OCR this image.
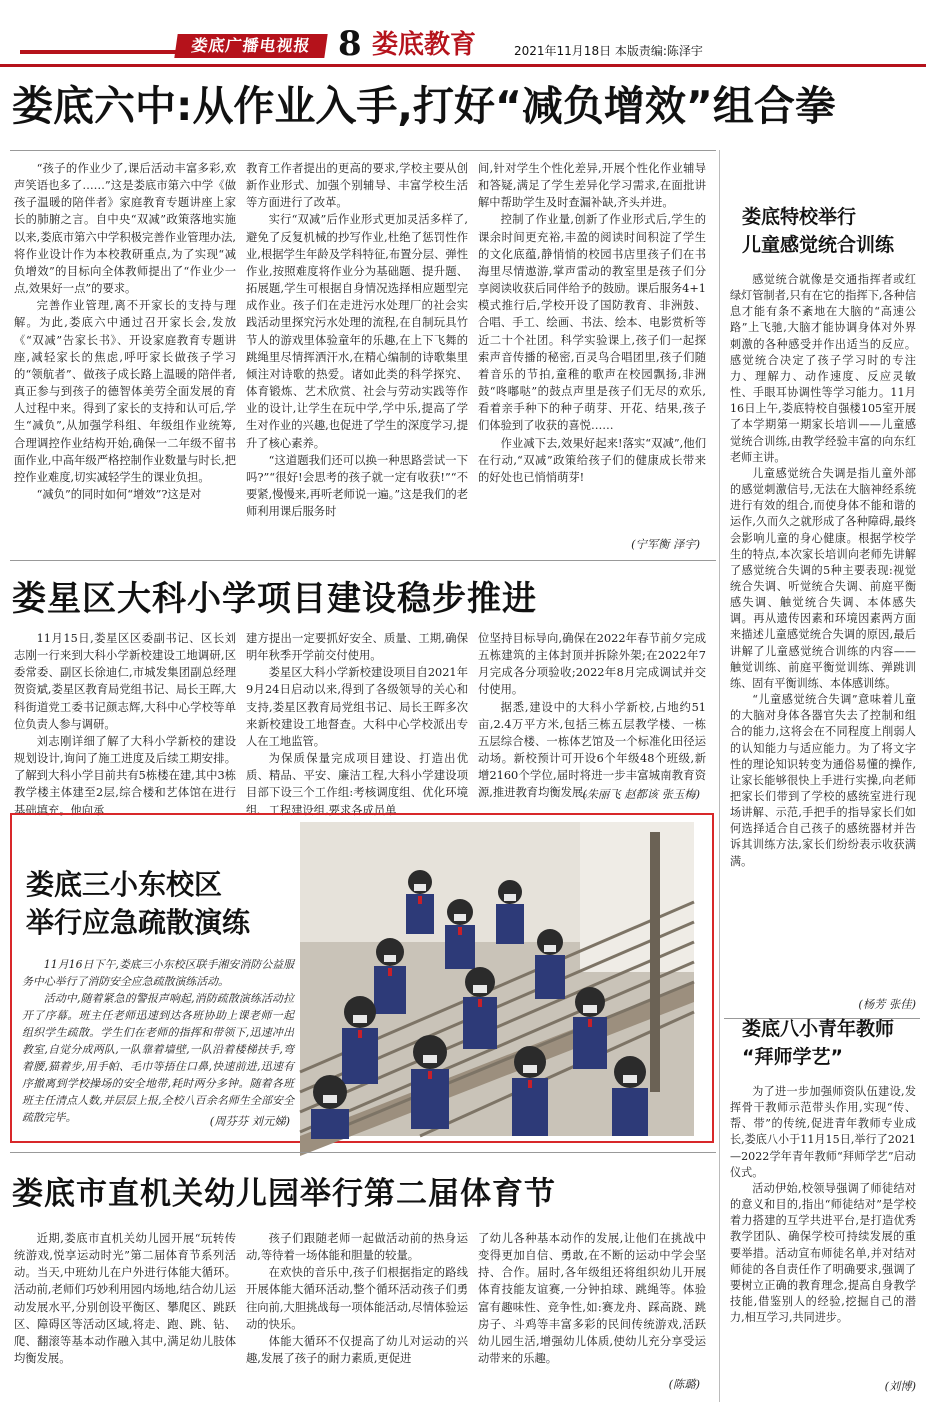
娄底广播电视报 8 娄底教育	2021年11月18日 本版责编:陈泽宇
娄底六中:从作业入手,打好“减负增效”组合拳

“孩子的作业少了,课后活动丰富多彩,欢声笑语也多了……”这是娄底市第六中学《做孩子温暖的陪伴者》家庭教育专题讲座上家长的肺腑之言。自中央“双减”政策落地实施以来,娄底市第六中学积极完善作业管理办法,将作业设计作为本校教研重点,为了实现“减负增效”的目标向全体教师提出了“作业少一点,效果好一点”的要求。

完善作业管理,离不开家长的支持与理解。为此,娄底六中通过召开家长会,发放《“双减”告家长书》、开设家庭教育专题讲座,减轻家长的焦虑,呼吁家长做孩子学习的“领航者”、做孩子成长路上温暖的陪伴者,真正参与到孩子的德智体美劳全面发展的育人过程中来。得到了家长的支持和认可后,学生“减负”,从加强学科组、年级组作业统筹,合理调控作业结构开始,确保一二年级不留书面作业,中高年级严格控制作业数量与时长,把控作业难度,切实减轻学生的课业负担。

“减负”的同时如何“增效”?这是对

教育工作者提出的更高的要求,学校主要从创新作业形式、加强个别辅导、丰富学校生活等方面进行了改革。

实行“双减”后作业形式更加灵活多样了,避免了反复机械的抄写作业,杜绝了惩罚性作业,根据学生年龄及学科特征,布置分层、弹性作业,按照难度将作业分为基础题、提升题、拓展题,学生可根据自身情况选择相应题型完成作业。孩子们在走进污水处理厂的社会实践活动里探究污水处理的流程,在自制玩具竹节人的游戏里体验童年的乐趣,在上下飞舞的跳绳里尽情挥洒汗水,在精心编制的诗歌集里倾注对诗歌的热爱。诸如此类的科学探究、体育锻炼、艺术欣赏、社会与劳动实践等作业的设计,让学生在玩中学,学中乐,提高了学生对作业的兴趣,也促进了学生的深度学习,提升了核心素养。

“这道题我们还可以换一种思路尝试一下吗?”“很好!会思考的孩子就一定有收获!”“不要紧,慢慢来,再听老师说一遍。”这是我们的老师利用课后服务时

间,针对学生个性化差异,开展个性化作业辅导和答疑,满足了学生差异化学习需求,在面批讲解中帮助学生及时查漏补缺,齐头并进。

控制了作业量,创新了作业形式后,学生的课余时间更充裕,丰盈的阅读时间积淀了学生的文化底蕴,静悄悄的校园书店里孩子们在书海里尽情遨游,掌声雷动的教室里是孩子们分享阅读收获后同伴给予的鼓励。课后服务4+1模式推行后,学校开设了国防教育、非洲鼓、合唱、手工、绘画、书法、绘本、电影赏析等近二十个社团。科学实验课上,孩子们一起探索声音传播的秘密,百灵鸟合唱团里,孩子们随着音乐的节拍,童稚的歌声在校园飘扬,非洲鼓“咚嘟哒”的鼓点声里是孩子们无尽的欢乐,看着亲手种下的种子萌芽、开花、结果,孩子们体验到了收获的喜悦……

作业减下去,效果好起来!落实“双减”,他们在行动,“双减”政策给孩子们的健康成长带来的好处也已悄悄萌芽!

(宁军衡 泽宇)
娄星区大科小学项目建设稳步推进

11月15日,娄星区区委副书记、区长刘志刚一行来到大科小学新校建设工地调研,区委常委、副区长徐迪仁,市城发集团副总经理贺资斌,娄星区教育局党组书记、局长王晖,大科街道党工委书记颜志辉,大科中心学校等单位负责人参与调研。

刘志刚详细了解了大科小学新校的建设规划设计,询问了施工进度及后续工期安排。了解到大科小学目前共有5栋楼在建,其中3栋教学楼主体建至2层,综合楼和艺体馆在进行基础填充。他向承

建方提出一定要抓好安全、质量、工期,确保明年秋季开学前交付使用。

娄星区大科小学新校建设项目自2021年9月24日启动以来,得到了各级领导的关心和支持,娄星区教育局党组书记、局长王晖多次来新校建设工地督查。大科中心学校派出专人在工地监管。

为保质保量完成项目建设、打造出优质、精品、平安、廉洁工程,大科小学建设项目部下设三个工作组:考核调度组、优化环境组、工程建设组,要求各成员单

位坚持目标导向,确保在2022年春节前夕完成五栋建筑的主体封顶并拆除外架;在2022年7月完成各分项验收;2022年8月完成调试并交付使用。

据悉,建设中的大科小学新校,占地约51亩,2.4万平方米,包括三栋五层教学楼、一栋五层综合楼、一栋体艺馆及一个标准化田径运动场。新校预计可开设6个年级48个班级,新增2160个学位,届时将进一步丰富城南教育资源,推进教育均衡发展。

(朱丽飞 赵都该 张玉梅)
娄底三小东校区
举行应急疏散演练

11月16日下午,娄底三小东校区联手湘安消防公益服务中心举行了消防安全应急疏散演练活动。

活动中,随着紧急的警报声响起,消防疏散演练活动拉开了序幕。班主任老师迅速到达各班协助上课老师一起组织学生疏散。学生们在老师的指挥和带领下,迅速冲出教室,自觉分成两队,一队靠着墙壁,一队沿着楼梯扶手,弯着腰,猫着步,用手帕、毛巾等捂住口鼻,快速前进,迅速有序撤离到学校操场的安全地带,耗时两分多钟。随着各班班主任清点人数,并层层上报,全校八百余名师生全部安全疏散完毕。	(周芬芬 刘元娣)
娄底市直机关幼儿园举行第二届体育节

近期,娄底市直机关幼儿园开展“玩转传统游戏,悦享运动时光”第二届体育节系列活动。当天,中班幼儿在户外进行体能大循环。活动前,老师们巧妙利用园内场地,结合幼儿运动发展水平,分别创设平衡区、攀爬区、跳跃区、障碍区等活动区域,将走、跑、跳、钻、爬、翻滚等基本动作融入其中,满足幼儿肢体均衡发展。

孩子们跟随老师一起做活动前的热身运动,等待着一场体能和胆量的较量。

在欢快的音乐中,孩子们根据指定的路线开展体能大循环活动,整个循环活动孩子们勇往向前,大胆挑战每一项体能活动,尽情体验运动的快乐。

体能大循环不仅提高了幼儿对运动的兴趣,发展了孩子的耐力素质,更促进

了幼儿各种基本动作的发展,让他们在挑战中变得更加自信、勇敢,在不断的运动中学会坚持、合作。届时,各年级组还将组织幼儿开展体育技能友谊赛,一分钟拍球、跳绳等。体验富有趣味性、竞争性,如:赛龙舟、踩高跷、跳房子、斗鸡等丰富多彩的民间传统游戏,活跃幼儿园生活,增强幼儿体质,使幼儿充分享受运动带来的乐趣。

(陈璐)
娄底特校举行
儿童感觉统合训练

感觉统合就像是交通指挥者或红绿灯管制者,只有在它的指挥下,各种信息才能有条不紊地在大脑的“高速公路”上飞驰,大脑才能协调身体对外界刺激的各种感受并作出适当的反应。感觉统合决定了孩子学习时的专注力、理解力、动作速度、反应灵敏性、手眼耳协调性等学习能力。11月16日上午,娄底特校自强楼105室开展了本学期第一期家长培训——儿童感觉统合训练,由教学经验丰富的向东红老师主讲。

儿童感觉统合失调是指儿童外部的感觉刺激信号,无法在大脑神经系统进行有效的组合,而使身体不能和谐的运作,久而久之就形成了各种障碍,最终会影响儿童的身心健康。根据学校学生的特点,本次家长培训向老师先讲解了感觉统合失调的5种主要表现:视觉统合失调、听觉统合失调、前庭平衡感失调、触觉统合失调、本体感失调。再从遗传因素和环境因素两方面来描述儿童感觉统合失调的原因,最后讲解了儿童感觉统合训练的内容——触觉训练、前庭平衡觉训练、弹跳训练、固有平衡训练、本体感训练。

“儿童感觉统合失调”意味着儿童的大脑对身体各器官失去了控制和组合的能力,这将会在不同程度上削弱人的认知能力与适应能力。为了将文字性的理论知识转变为通俗易懂的操作,让家长能够很快上手进行实操,向老师把家长们带到了学校的感统室进行现场讲解、示范,手把手的指导家长们如何选择适合自己孩子的感统器材并告诉其训练方法,家长们纷纷表示收获满满。

(杨芳 张佳)
娄底八小青年教师
“拜师学艺”

为了进一步加强师资队伍建设,发挥骨干教师示范带头作用,实现“传、帮、带”的传统,促进青年教师专业成长,娄底八小于11月15日,举行了2021—2022学年青年教师“拜师学艺”启动仪式。

活动伊始,校领导强调了师徒结对的意义和目的,指出“师徒结对”是学校着力搭建的互学共进平台,是打造优秀教学团队、确保学校可持续发展的重要举措。活动宣布师徒名单,并对结对师徒的各自责任作了明确要求,强调了要树立正确的教育理念,提高自身教学技能,借鉴别人的经验,挖掘自己的潜力,相互学习,共同进步。

(刘博)
